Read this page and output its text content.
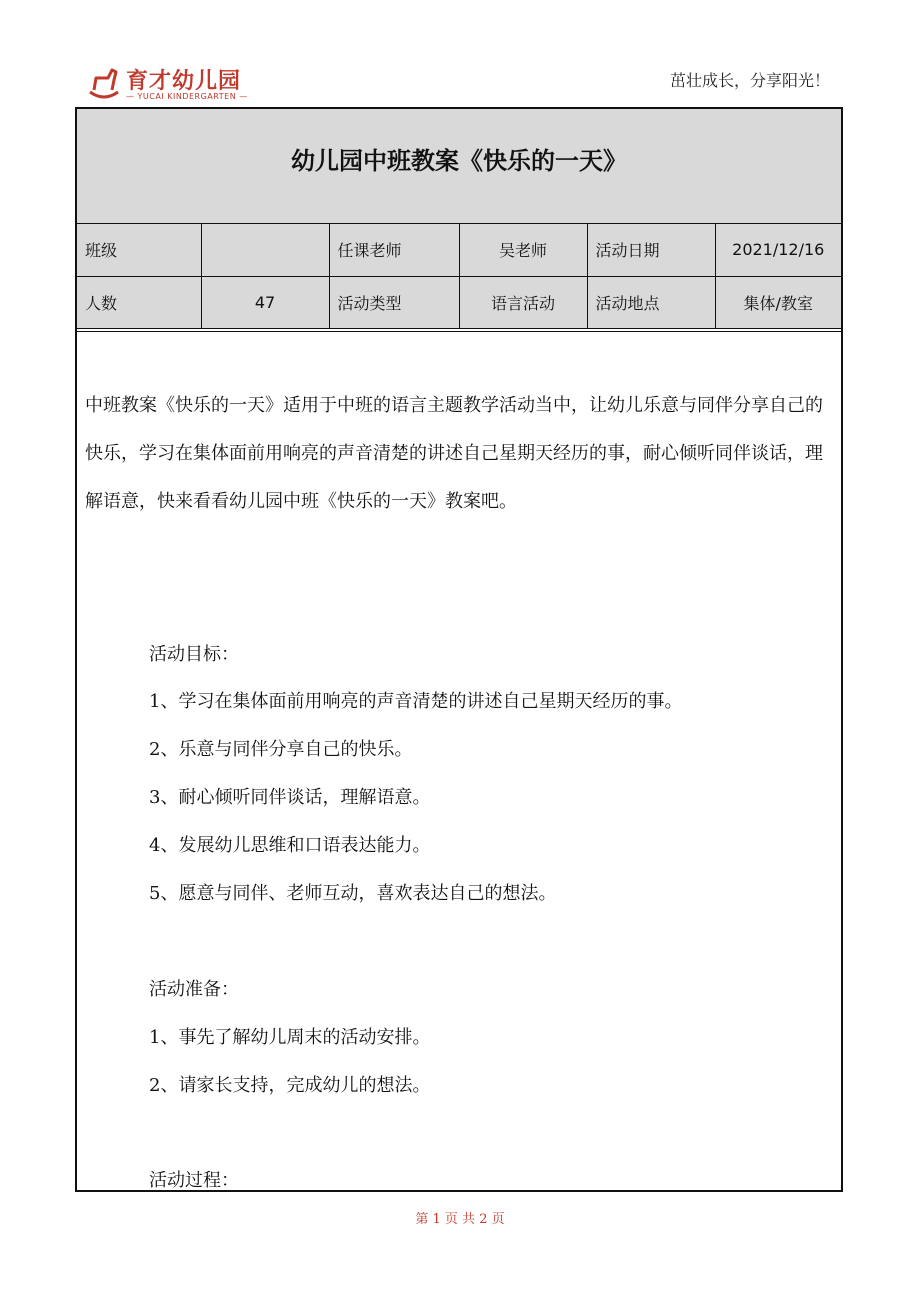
育才幼儿园
— YUCAI KINDERGARTEN —
茁壮成长，分享阳光！
幼儿园中班教案《快乐的一天》
班级		任课老师	吴老师	活动日期	2021/12/16
人数	47	活动类型	语言活动	活动地点	集体/教室
中班教案《快乐的一天》适用于中班的语言主题教学活动当中，让幼儿乐意与同伴分享自己的快乐，学习在集体面前用响亮的声音清楚的讲述自己星期天经历的事，耐心倾听同伴谈话，理解语意，快来看看幼儿园中班《快乐的一天》教案吧。
活动目标：
1、学习在集体面前用响亮的声音清楚的讲述自己星期天经历的事。
2、乐意与同伴分享自己的快乐。
3、耐心倾听同伴谈话，理解语意。
4、发展幼儿思维和口语表达能力。
5、愿意与同伴、老师互动，喜欢表达自己的想法。
活动准备：
1、事先了解幼儿周末的活动安排。
2、请家长支持，完成幼儿的想法。
活动过程：
第 1 页 共 2 页
